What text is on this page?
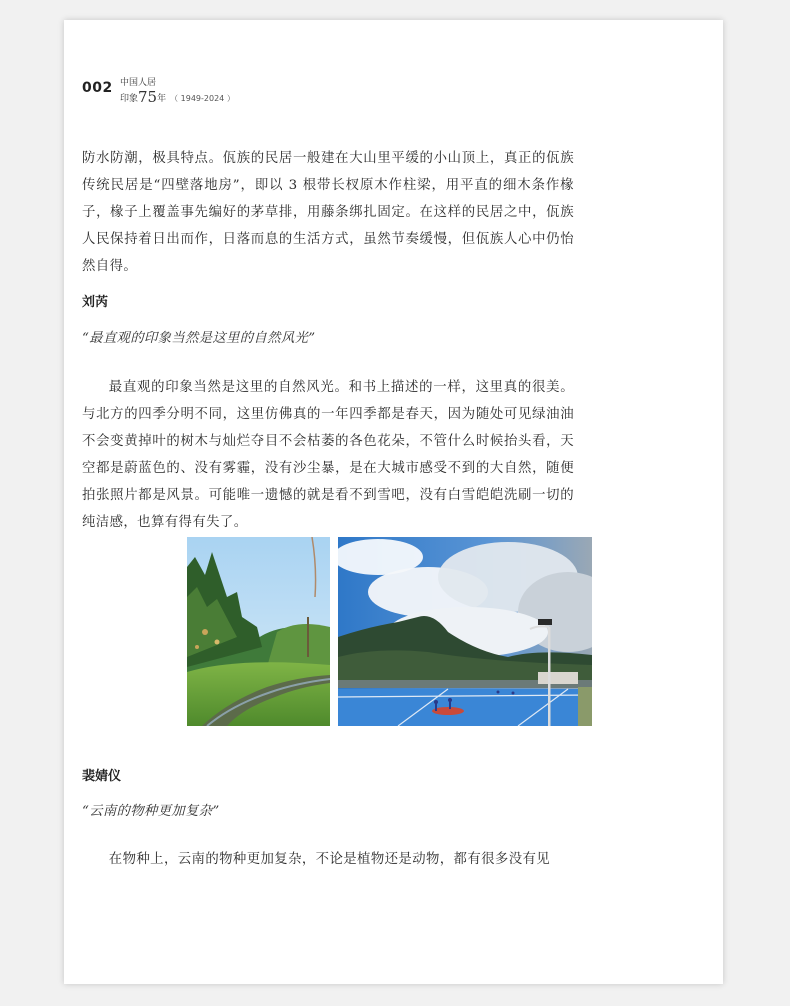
002 中国人居
印象75年 （ 1949-2024 ）

防水防潮，极具特点。佤族的民居一般建在大山里平缓的小山顶上，真正的佤族传统民居是“四壁落地房”，即以 3 根带长杈原木作柱梁，用平直的细木条作椽子，椽子上覆盖事先编好的茅草排，用藤条绑扎固定。在这样的民居之中，佤族人民保持着日出而作，日落而息的生活方式，虽然节奏缓慢，但佤族人心中仍怡然自得。

刘芮
“最直观的印象当然是这里的自然风光”

最直观的印象当然是这里的自然风光。和书上描述的一样，这里真的很美。与北方的四季分明不同，这里仿佛真的一年四季都是春天，因为随处可见绿油油不会变黄掉叶的树木与灿烂夺目不会枯萎的各色花朵，不管什么时候抬头看，天空都是蔚蓝色的、没有雾霾，没有沙尘暴，是在大城市感受不到的大自然，随便拍张照片都是风景。可能唯一遗憾的就是看不到雪吧，没有白雪皑皑洗刷一切的纯洁感，也算有得有失了。

裴婧仪
“云南的物种更加复杂”

在物种上，云南的物种更加复杂，不论是植物还是动物，都有很多没有见
